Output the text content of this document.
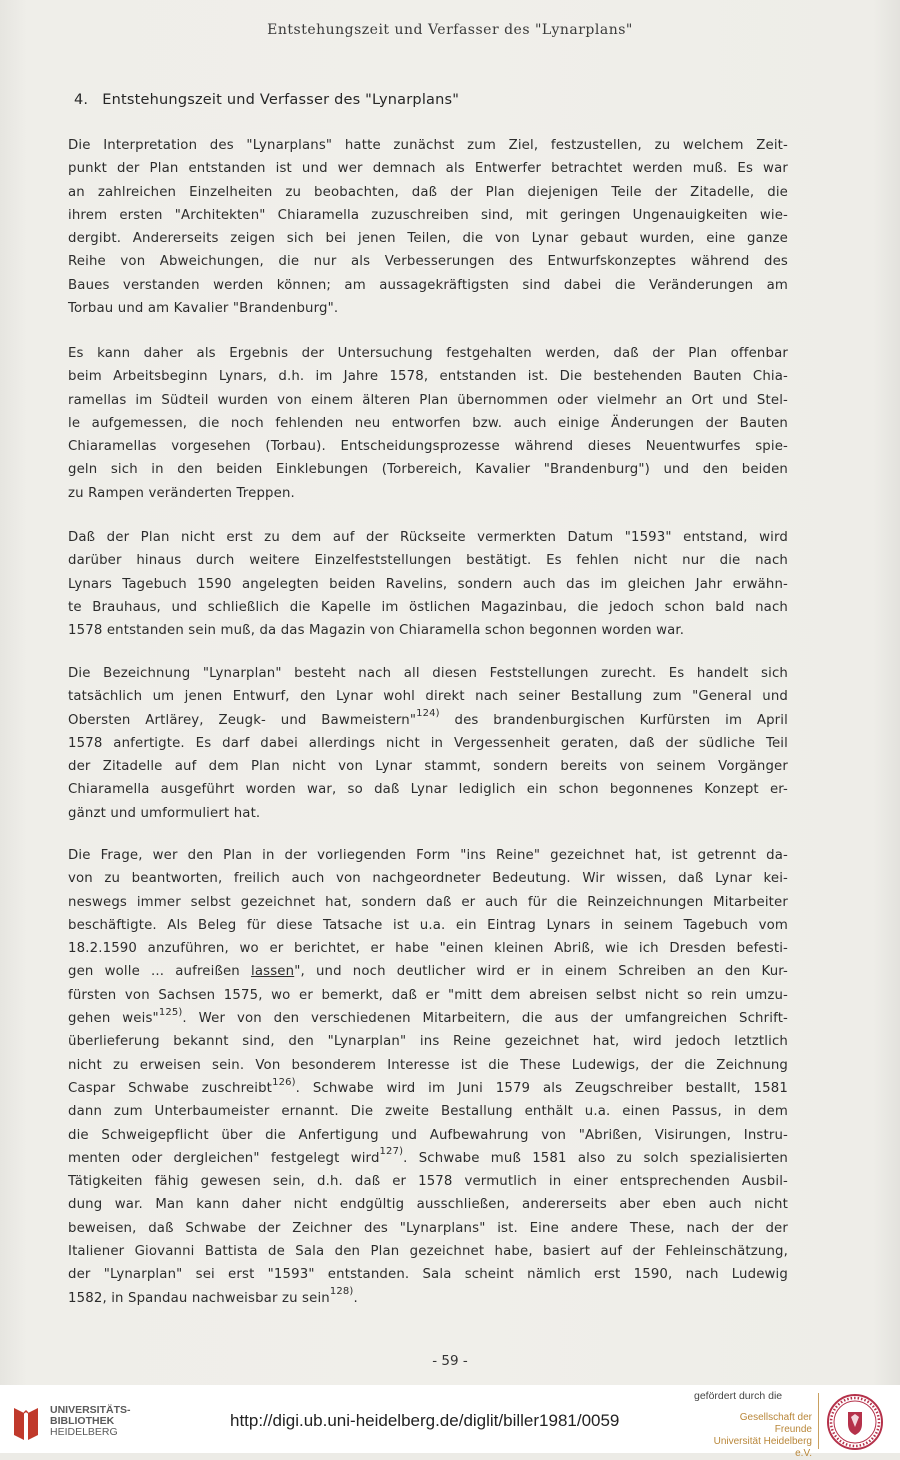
Entstehungszeit und Verfasser des "Lynarplans"
4. Entstehungszeit und Verfasser des "Lynarplans"
Die Interpretation des "Lynarplans" hatte zunächst zum Ziel, festzustellen, zu welchem Zeit-
punkt der Plan entstanden ist und wer demnach als Entwerfer betrachtet werden muß. Es war
an zahlreichen Einzelheiten zu beobachten, daß der Plan diejenigen Teile der Zitadelle, die
ihrem ersten "Architekten" Chiaramella zuzuschreiben sind, mit geringen Ungenauigkeiten wie-
dergibt. Andererseits zeigen sich bei jenen Teilen, die von Lynar gebaut wurden, eine ganze
Reihe von Abweichungen, die nur als Verbesserungen des Entwurfskonzeptes während des
Baues verstanden werden können; am aussagekräftigsten sind dabei die Veränderungen am
Torbau und am Kavalier "Brandenburg".
Es kann daher als Ergebnis der Untersuchung festgehalten werden, daß der Plan offenbar
beim Arbeitsbeginn Lynars, d.h. im Jahre 1578, entstanden ist. Die bestehenden Bauten Chia-
ramellas im Südteil wurden von einem älteren Plan übernommen oder vielmehr an Ort und Stel-
le aufgemessen, die noch fehlenden neu entworfen bzw. auch einige Änderungen der Bauten
Chiaramellas vorgesehen (Torbau). Entscheidungsprozesse während dieses Neuentwurfes spie-
geln sich in den beiden Einklebungen (Torbereich, Kavalier "Brandenburg") und den beiden
zu Rampen veränderten Treppen.
Daß der Plan nicht erst zu dem auf der Rückseite vermerkten Datum "1593" entstand, wird
darüber hinaus durch weitere Einzelfeststellungen bestätigt. Es fehlen nicht nur die nach
Lynars Tagebuch 1590 angelegten beiden Ravelins, sondern auch das im gleichen Jahr erwähn-
te Brauhaus, und schließlich die Kapelle im östlichen Magazinbau, die jedoch schon bald nach
1578 entstanden sein muß, da das Magazin von Chiaramella schon begonnen worden war.
Die Bezeichnung "Lynarplan" besteht nach all diesen Feststellungen zurecht. Es handelt sich
tatsächlich um jenen Entwurf, den Lynar wohl direkt nach seiner Bestallung zum "General und
Obersten Artlärey, Zeugk- und Bawmeistern"$^{124)}$ des brandenburgischen Kurfürsten im April
1578 anfertigte. Es darf dabei allerdings nicht in Vergessenheit geraten, daß der südliche Teil
der Zitadelle auf dem Plan nicht von Lynar stammt, sondern bereits von seinem Vorgänger
Chiaramella ausgeführt worden war, so daß Lynar lediglich ein schon begonnenes Konzept er-
gänzt und umformuliert hat.
Die Frage, wer den Plan in der vorliegenden Form "ins Reine" gezeichnet hat, ist getrennt da-
von zu beantworten, freilich auch von nachgeordneter Bedeutung. Wir wissen, daß Lynar kei-
neswegs immer selbst gezeichnet hat, sondern daß er auch für die Reinzeichnungen Mitarbeiter
beschäftigte. Als Beleg für diese Tatsache ist u.a. ein Eintrag Lynars in seinem Tagebuch vom
18.2.1590 anzuführen, wo er berichtet, er habe "einen kleinen Abriß, wie ich Dresden befesti-
gen wolle ... aufreißen lassen", und noch deutlicher wird er in einem Schreiben an den Kur-
fürsten von Sachsen 1575, wo er bemerkt, daß er "mitt dem abreisen selbst nicht so rein umzu-
gehen weis"$^{125)}$. Wer von den verschiedenen Mitarbeitern, die aus der umfangreichen Schrift-
überlieferung bekannt sind, den "Lynarplan" ins Reine gezeichnet hat, wird jedoch letztlich
nicht zu erweisen sein. Von besonderem Interesse ist die These Ludewigs, der die Zeichnung
Caspar Schwabe zuschreibt$^{126)}$. Schwabe wird im Juni 1579 als Zeugschreiber bestallt, 1581
dann zum Unterbaumeister ernannt. Die zweite Bestallung enthält u.a. einen Passus, in dem
die Schweigepflicht über die Anfertigung und Aufbewahrung von "Abrißen, Visirungen, Instru-
menten oder dergleichen" festgelegt wird$^{127)}$. Schwabe muß 1581 also zu solch spezialisierten
Tätigkeiten fähig gewesen sein, d.h. daß er 1578 vermutlich in einer entsprechenden Ausbil-
dung war. Man kann daher nicht endgültig ausschließen, andererseits aber eben auch nicht
beweisen, daß Schwabe der Zeichner des "Lynarplans" ist. Eine andere These, nach der der
Italiener Giovanni Battista de Sala den Plan gezeichnet habe, basiert auf der Fehleinschätzung,
der "Lynarplan" sei erst "1593" entstanden. Sala scheint nämlich erst 1590, nach Ludewig
1582, in Spandau nachweisbar zu sein$^{128)}$.
- 59 -
UNIVERSITÄTS-
BIBLIOTHEK
HEIDELBERG
http://digi.ub.uni-heidelberg.de/diglit/biller1981/0059
gefördert durch die
Gesellschaft der Freunde
Universität Heidelberg e.V.
